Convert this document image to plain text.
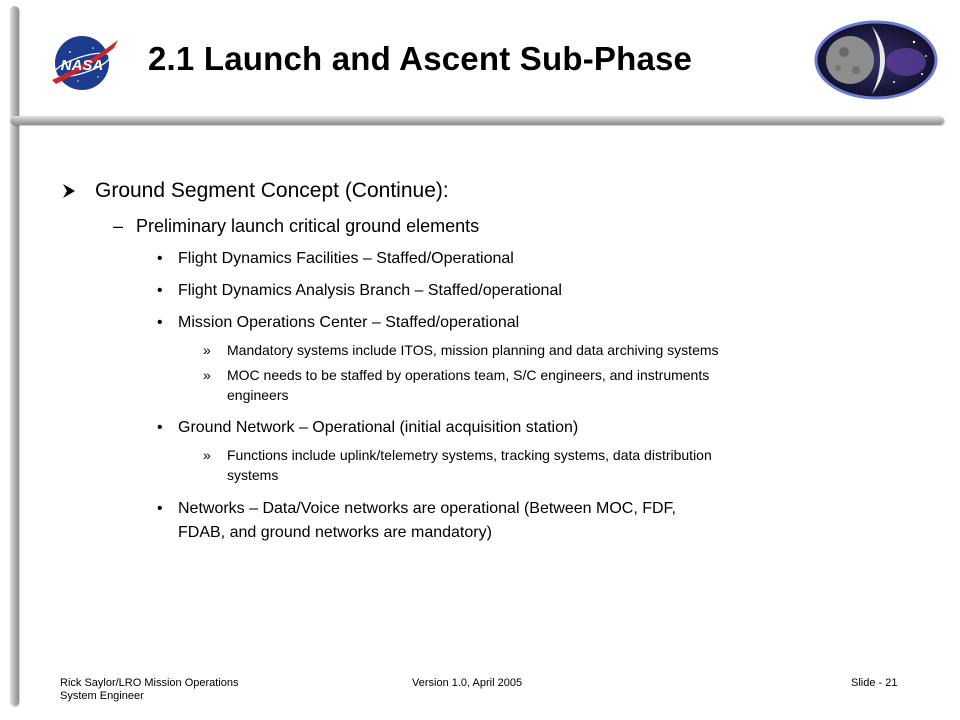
NASA 2.1 Launch and Ascent Sub-Phase
Ground Segment Concept (Continue):
– Preliminary launch critical ground elements
• Flight Dynamics Facilities – Staffed/Operational
• Flight Dynamics Analysis Branch – Staffed/operational
• Mission Operations Center – Staffed/operational
» Mandatory systems include ITOS, mission planning and data archiving systems
» MOC needs to be staffed by operations team, S/C engineers, and instruments
engineers
• Ground Network – Operational (initial acquisition station)
» Functions include uplink/telemetry systems, tracking systems, data distribution
systems
• Networks – Data/Voice networks are operational (Between MOC, FDF,
FDAB, and ground networks are mandatory)
Rick Saylor/LRO Mission Operations
System Engineer
Version 1.0, April 2005	Slide - 21
